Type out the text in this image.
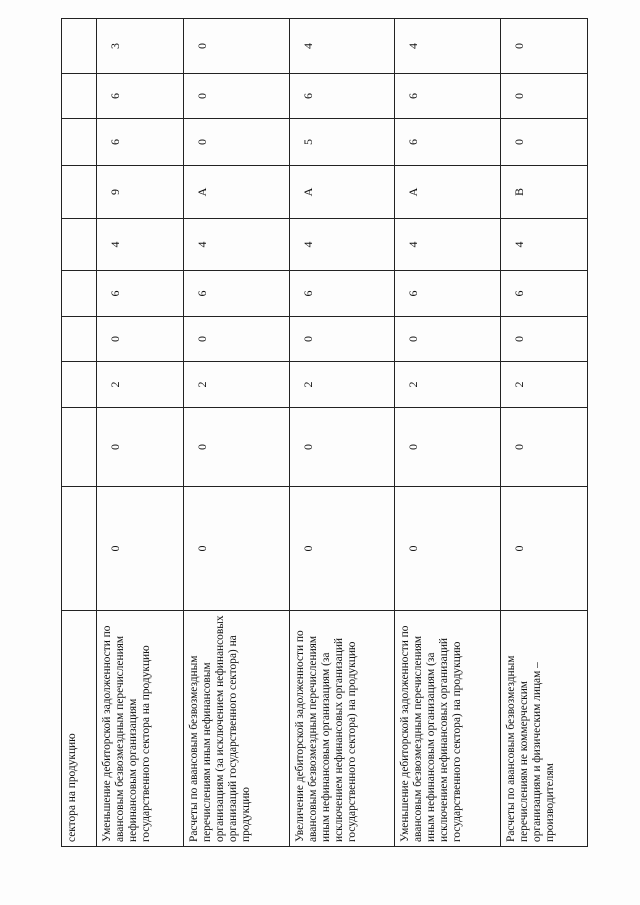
сектора на продукцию										
Уменьшение дебиторской задолженности по авансовым безвозмездным перечислениям нефинансовым организациям государственного сектора на продукцию	0	0	2	0	6	4	9	6	6	3
Расчеты по авансовым безвозмездным перечислениям иным нефинансовым организациям (за исключением нефинансовых организаций государственного сектора) на продукцию	0	0	2	0	6	4	А	0	0	0
Увеличение дебиторской задолженности по авансовым безвозмездным перечислениям иным нефинансовым организациям (за исключением нефинансовых организаций государственного сектора) на продукцию	0	0	2	0	6	4	А	5	6	4
Уменьшение дебиторской задолженности по авансовым безвозмездным перечислениям иным нефинансовым организациям (за исключением нефинансовых организаций государственного сектора) на продукцию	0	0	2	0	6	4	А	6	6	4
Расчеты по авансовым безвозмездным перечислениям не коммерческим организациям и физическим лицам – производителям	0	0	2	0	6	4	В	0	0	0
